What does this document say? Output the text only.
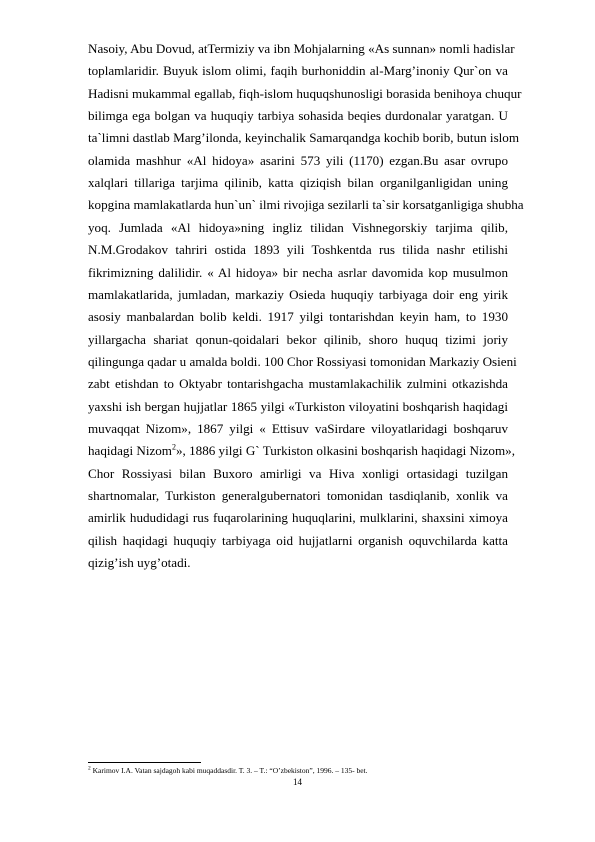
Nasoiy, Abu Dovud, atTermiziy va ibn Mohjalarning «As sunnan» nomli hadislar
toplamlaridir. Buyuk islom olimi, faqih burhoniddin al-Marg’inoniy Qur`on va
Hadisni mukammal egallab, fiqh-islom huquqshunosligi borasida benihoya chuqur
bilimga ega bolgan va huquqiy tarbiya sohasida beqies durdonalar yaratgan. U
ta`limni dastlab Marg’ilonda, keyinchalik Samarqandga kochib borib, butun islom
olamida mashhur «Al hidoya» asarini 573 yili (1170) ezgan.Bu asar ovrupo
xalqlari tillariga tarjima qilinib, katta qiziqish bilan organilganligidan uning
kopgina mamlakatlarda hun`un` ilmi rivojiga sezilarli ta`sir korsatganligiga shubha
yoq. Jumlada «Al hidoya»ning ingliz tilidan Vishnegorskiy tarjima qilib,
N.M.Grodakov tahriri ostida 1893 yili Toshkentda rus tilida nashr etilishi
fikrimizning dalilidir. « Al hidoya» bir necha asrlar davomida kop musulmon
mamlakatlarida, jumladan, markaziy Osieda huquqiy tarbiyaga doir eng yirik
asosiy manbalardan bolib keldi. 1917 yilgi tontarishdan keyin ham, to 1930
yillargacha shariat qonun-qoidalari bekor qilinib, shoro huquq tizimi joriy
qilingunga qadar u amalda boldi. 100 Chor Rossiyasi tomonidan Markaziy Osieni
zabt etishdan to Oktyabr tontarishgacha mustamlakachilik zulmini otkazishda
yaxshi ish bergan hujjatlar 1865 yilgi «Turkiston viloyatini boshqarish haqidagi
muvaqqat Nizom», 1867 yilgi « Ettisuv vaSirdare viloyatlaridagi boshqaruv
haqidagi Nizom$^2$», 1886 yilgi G` Turkiston olkasini boshqarish haqidagi Nizom»,
Chor Rossiyasi bilan Buxoro amirligi va Hiva xonligi ortasidagi tuzilgan
shartnomalar, Turkiston generalgubernatori tomonidan tasdiqlanib, xonlik va
amirlik hududidagi rus fuqarolarining huquqlarini, mulklarini, shaxsini ximoya
qilish haqidagi huquqiy tarbiyaga oid hujjatlarni organish oquvchilarda katta
qizig’ish uyg’otadi.
$^2$ Karimov I.A. Vatan sajdagoh kabi muqaddasdir. T. 3. – T.: “O’zbekiston”, 1996. – 135- bet.
14
